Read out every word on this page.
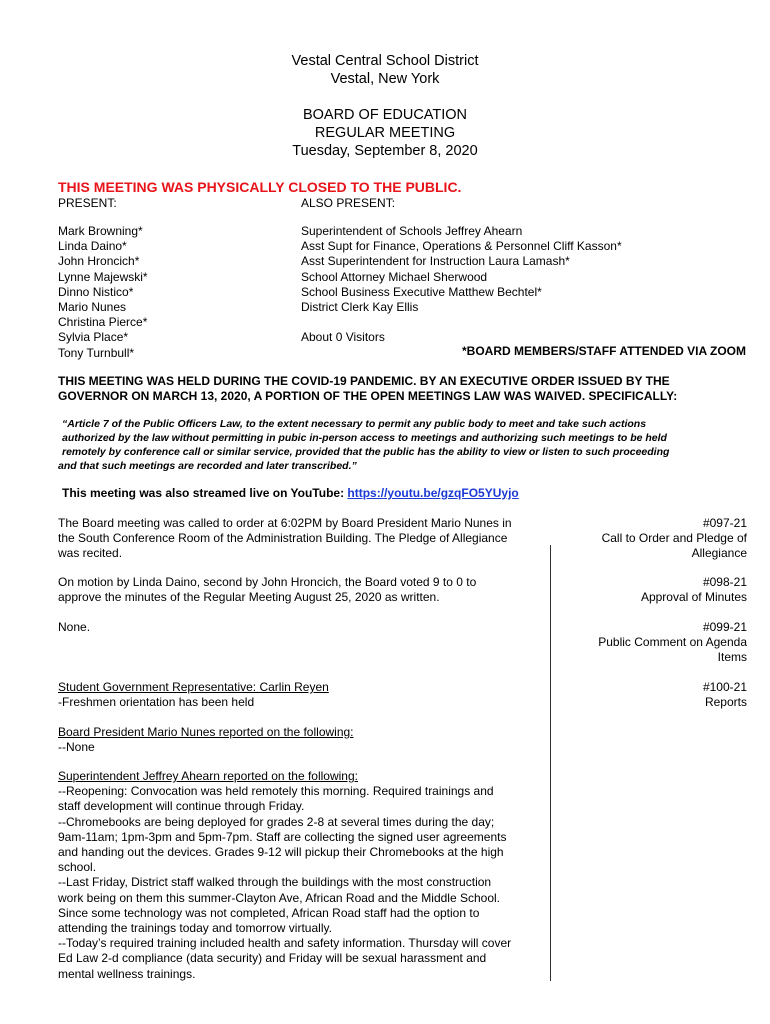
Vestal Central School District
Vestal, New York
BOARD OF EDUCATION
REGULAR MEETING
Tuesday, September 8, 2020
THIS MEETING WAS PHYSICALLY CLOSED TO THE PUBLIC.
PRESENT:
Mark Browning*
Linda Daino*
John Hroncich*
Lynne Majewski*
Dinno Nistico*
Mario Nunes
Christina Pierce*
Sylvia Place*
Tony Turnbull*
ALSO PRESENT:
Superintendent of Schools Jeffrey Ahearn
Asst Supt for Finance, Operations & Personnel Cliff Kasson*
Asst Superintendent for Instruction Laura Lamash*
School Attorney Michael Sherwood
School Business Executive Matthew Bechtel*
District Clerk Kay Ellis
About 0 Visitors
*BOARD MEMBERS/STAFF ATTENDED VIA ZOOM
THIS MEETING WAS HELD DURING THE COVID-19 PANDEMIC. BY AN EXECUTIVE ORDER ISSUED BY THE
GOVERNOR ON MARCH 13, 2020, A PORTION OF THE OPEN MEETINGS LAW WAS WAIVED. SPECIFICALLY:
“Article 7 of the Public Officers Law, to the extent necessary to permit any public body to meet and take such actions
authorized by the law without permitting in pubic in-person access to meetings and authorizing such meetings to be held
remotely by conference call or similar service, provided that the public has the ability to view or listen to such proceeding
and that such meetings are recorded and later transcribed.”
This meeting was also streamed live on YouTube: https://youtu.be/gzqFO5YUyjo
The Board meeting was called to order at 6:02PM by Board President Mario Nunes in
the South Conference Room of the Administration Building. The Pledge of Allegiance
was recited.
#097-21
Call to Order and Pledge of
Allegiance
On motion by Linda Daino, second by John Hroncich, the Board voted 9 to 0 to
approve the minutes of the Regular Meeting August 25, 2020 as written.
#098-21
Approval of Minutes
None.	#099-21
Public Comment on Agenda
Items
#100-21
Reports
Student Government Representative: Carlin Reyen
-Freshmen orientation has been held
Board President Mario Nunes reported on the following:
--None
Superintendent Jeffrey Ahearn reported on the following:
--Reopening: Convocation was held remotely this morning. Required trainings and
staff development will continue through Friday.
--Chromebooks are being deployed for grades 2-8 at several times during the day;
9am-11am; 1pm-3pm and 5pm-7pm. Staff are collecting the signed user agreements
and handing out the devices. Grades 9-12 will pickup their Chromebooks at the high
school.
--Last Friday, District staff walked through the buildings with the most construction
work being on them this summer-Clayton Ave, African Road and the Middle School.
Since some technology was not completed, African Road staff had the option to
attending the trainings today and tomorrow virtually.
--Today’s required training included health and safety information. Thursday will cover
Ed Law 2-d compliance (data security) and Friday will be sexual harassment and
mental wellness trainings.
